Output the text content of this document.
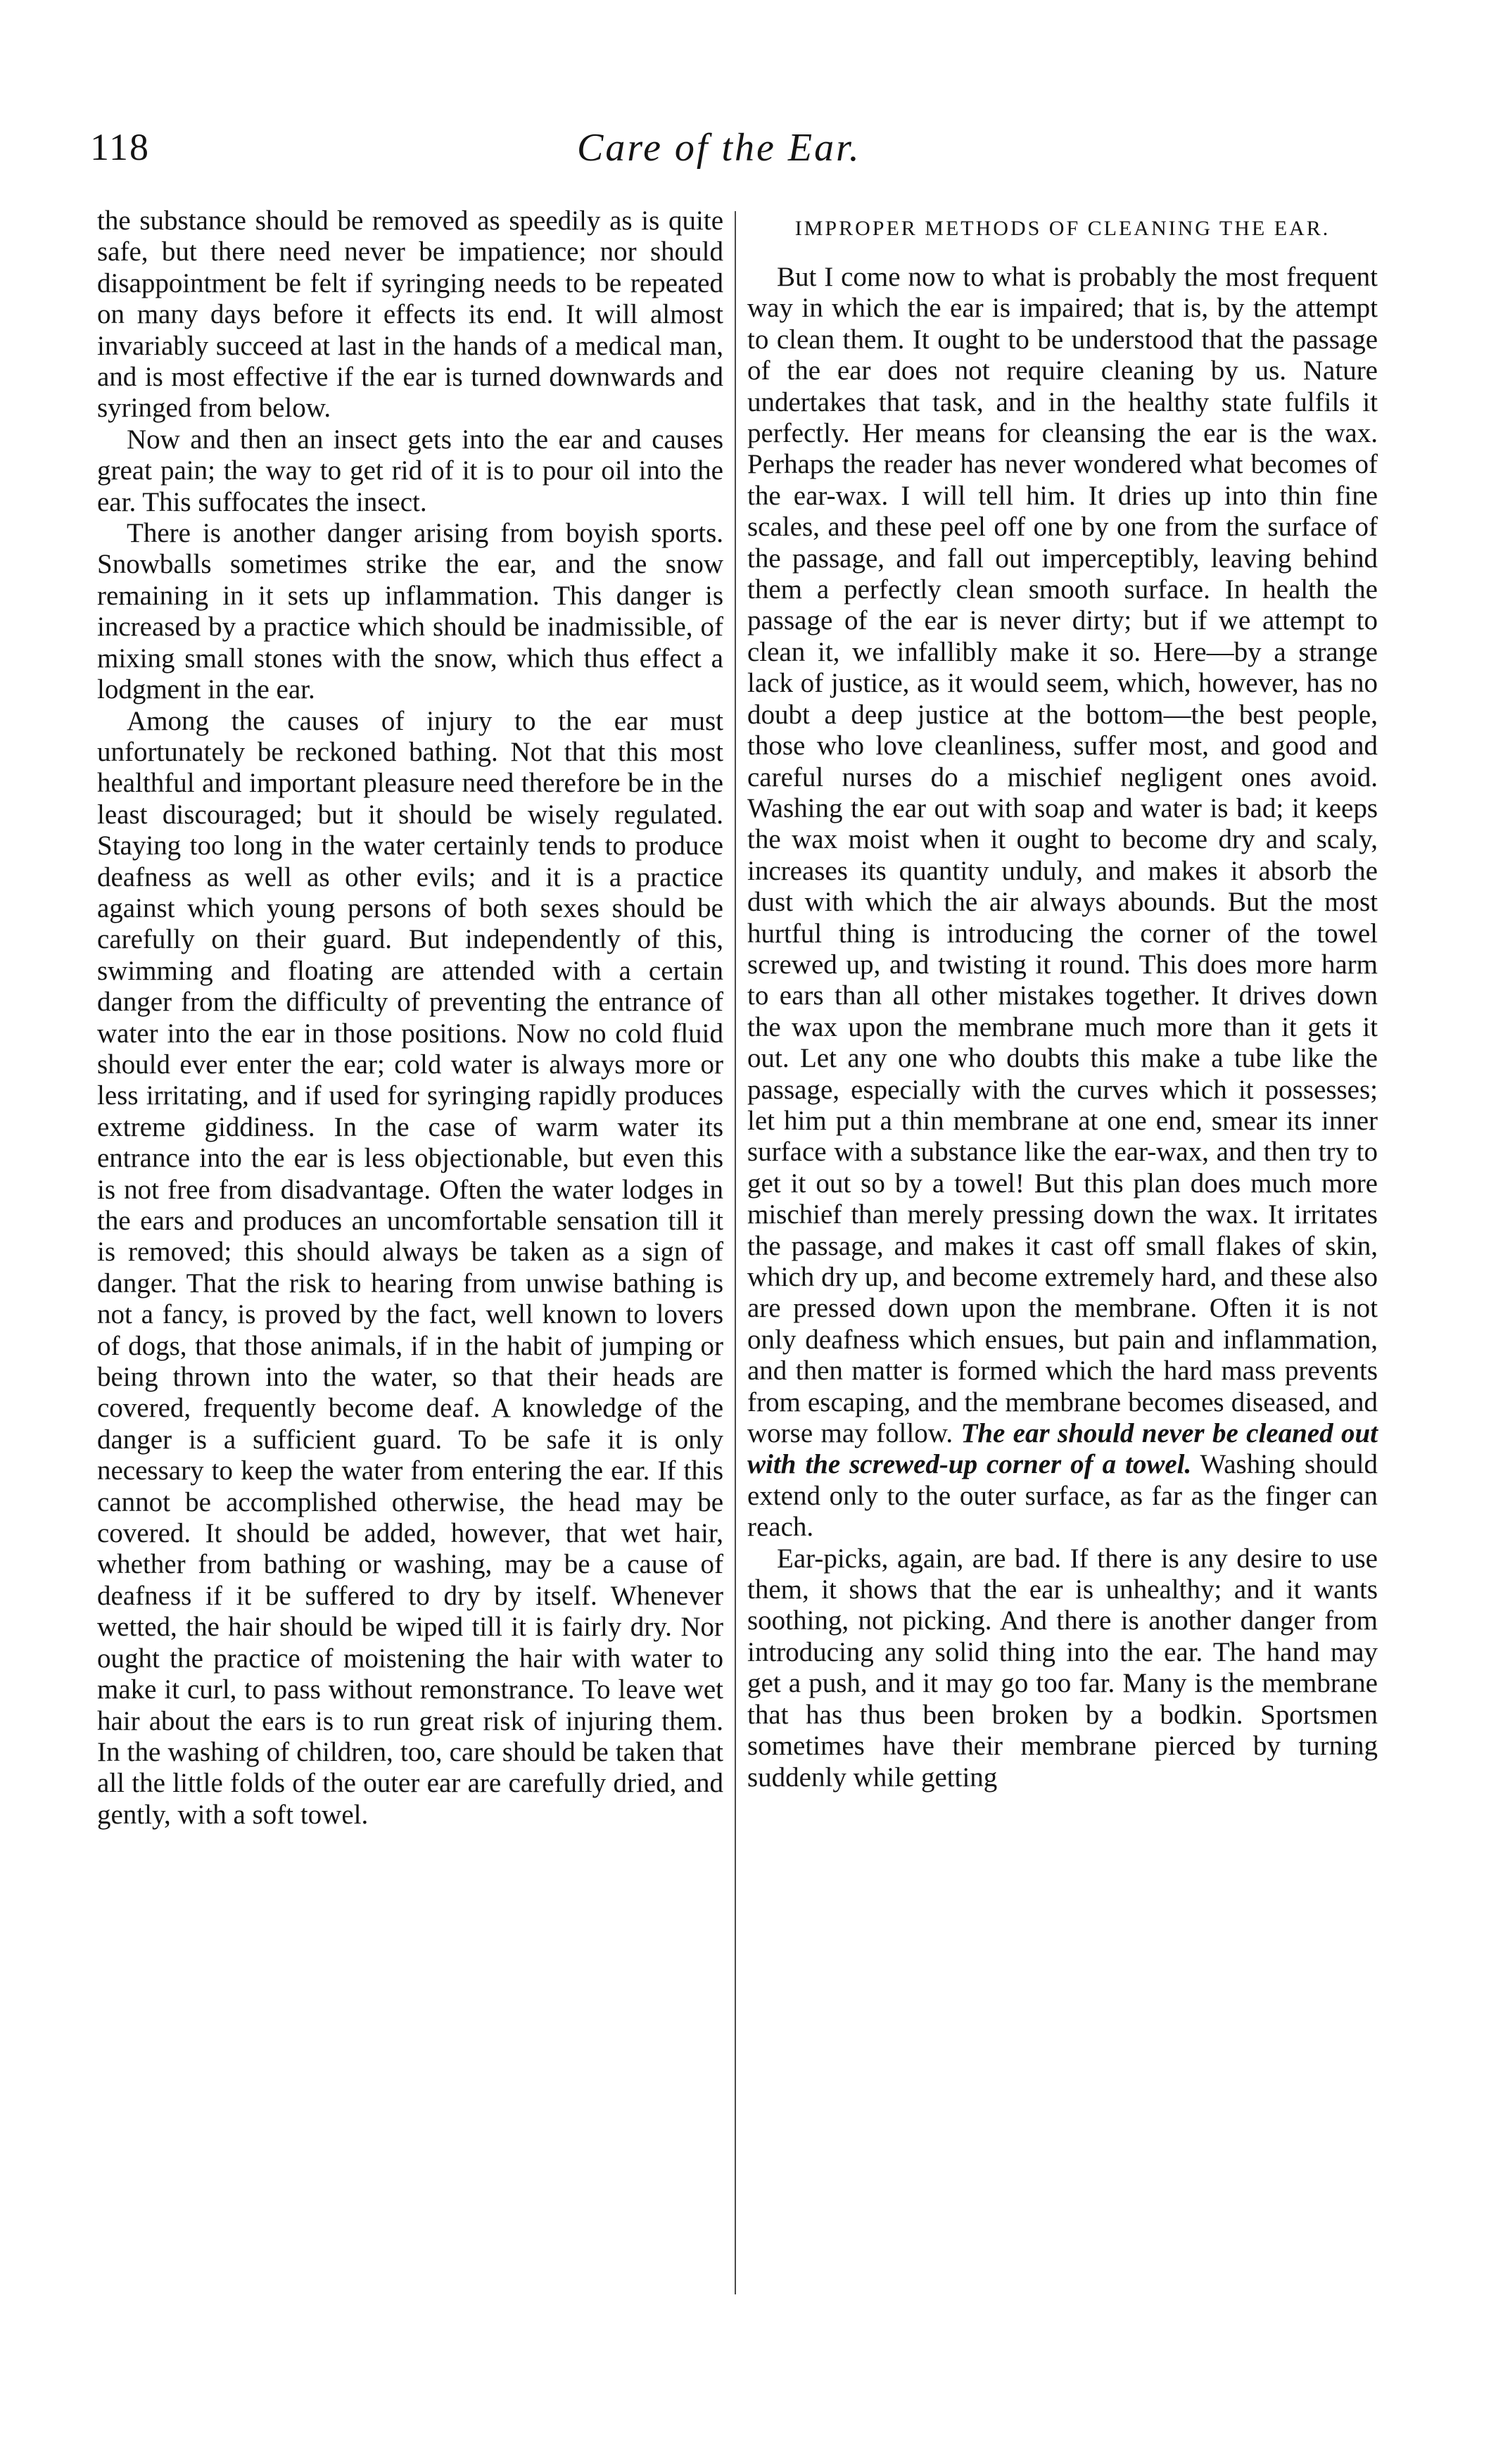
118	Care of the Ear.

the substance should be removed as speedily as is quite safe, but there need never be impatience; nor should disappointment be felt if syringing needs to be repeated on many days before it effects its end. It will almost invariably succeed at last in the hands of a medical man, and is most effective if the ear is turned downwards and syringed from below.

Now and then an insect gets into the ear and causes great pain; the way to get rid of it is to pour oil into the ear. This suffocates the insect.

There is another danger arising from boyish sports. Snowballs sometimes strike the ear, and the snow remaining in it sets up inflammation. This danger is increased by a practice which should be inadmissible, of mixing small stones with the snow, which thus effect a lodgment in the ear.

Among the causes of injury to the ear must unfortunately be reckoned bathing. Not that this most healthful and important pleasure need therefore be in the least discouraged; but it should be wisely regulated. Staying too long in the water certainly tends to produce deafness as well as other evils; and it is a practice against which young persons of both sexes should be carefully on their guard. But independently of this, swimming and floating are attended with a certain danger from the difficulty of preventing the entrance of water into the ear in those positions. Now no cold fluid should ever enter the ear; cold water is always more or less irritating, and if used for syringing rapidly produces extreme giddiness. In the case of warm water its entrance into the ear is less objectionable, but even this is not free from disadvantage. Often the water lodges in the ears and produces an uncomfortable sensation till it is removed; this should always be taken as a sign of danger. That the risk to hearing from unwise bathing is not a fancy, is proved by the fact, well known to lovers of dogs, that those animals, if in the habit of jumping or being thrown into the water, so that their heads are covered, frequently become deaf. A knowledge of the danger is a sufficient guard. To be safe it is only necessary to keep the water from entering the ear. If this cannot be accomplished otherwise, the head may be covered. It should be added, however, that wet hair, whether from bathing or washing, may be a cause of deafness if it be suffered to dry by itself. Whenever wetted, the hair should be wiped till it is fairly dry. Nor ought the practice of moistening the hair with water to make it curl, to pass without remonstrance. To leave wet hair about the ears is to run great risk of injuring them. In the washing of children, too, care should be taken that all the little folds of the outer ear are carefully dried, and gently, with a soft towel.

IMPROPER METHODS OF CLEANING THE EAR.

But I come now to what is probably the most frequent way in which the ear is impaired; that is, by the attempt to clean them. It ought to be understood that the passage of the ear does not require cleaning by us. Nature undertakes that task, and in the healthy state fulfils it perfectly. Her means for cleansing the ear is the wax. Perhaps the reader has never wondered what becomes of the ear-wax. I will tell him. It dries up into thin fine scales, and these peel off one by one from the surface of the passage, and fall out imperceptibly, leaving behind them a perfectly clean smooth surface. In health the passage of the ear is never dirty; but if we attempt to clean it, we infallibly make it so. Here—by a strange lack of justice, as it would seem, which, however, has no doubt a deep justice at the bottom—the best people, those who love cleanliness, suffer most, and good and careful nurses do a mischief negligent ones avoid. Washing the ear out with soap and water is bad; it keeps the wax moist when it ought to become dry and scaly, increases its quantity unduly, and makes it absorb the dust with which the air always abounds. But the most hurtful thing is introducing the corner of the towel screwed up, and twisting it round. This does more harm to ears than all other mistakes together. It drives down the wax upon the membrane much more than it gets it out. Let any one who doubts this make a tube like the passage, especially with the curves which it possesses; let him put a thin membrane at one end, smear its inner surface with a substance like the ear-wax, and then try to get it out so by a towel! But this plan does much more mischief than merely pressing down the wax. It irritates the passage, and makes it cast off small flakes of skin, which dry up, and become extremely hard, and these also are pressed down upon the membrane. Often it is not only deafness which ensues, but pain and inflammation, and then matter is formed which the hard mass prevents from escaping, and the membrane becomes diseased, and worse may follow. The ear should never be cleaned out with the screwed-up corner of a towel. Washing should extend only to the outer surface, as far as the finger can reach.

Ear-picks, again, are bad. If there is any desire to use them, it shows that the ear is unhealthy; and it wants soothing, not picking. And there is another danger from introducing any solid thing into the ear. The hand may get a push, and it may go too far. Many is the membrane that has thus been broken by a bodkin. Sportsmen sometimes have their membrane pierced by turning suddenly while getting
